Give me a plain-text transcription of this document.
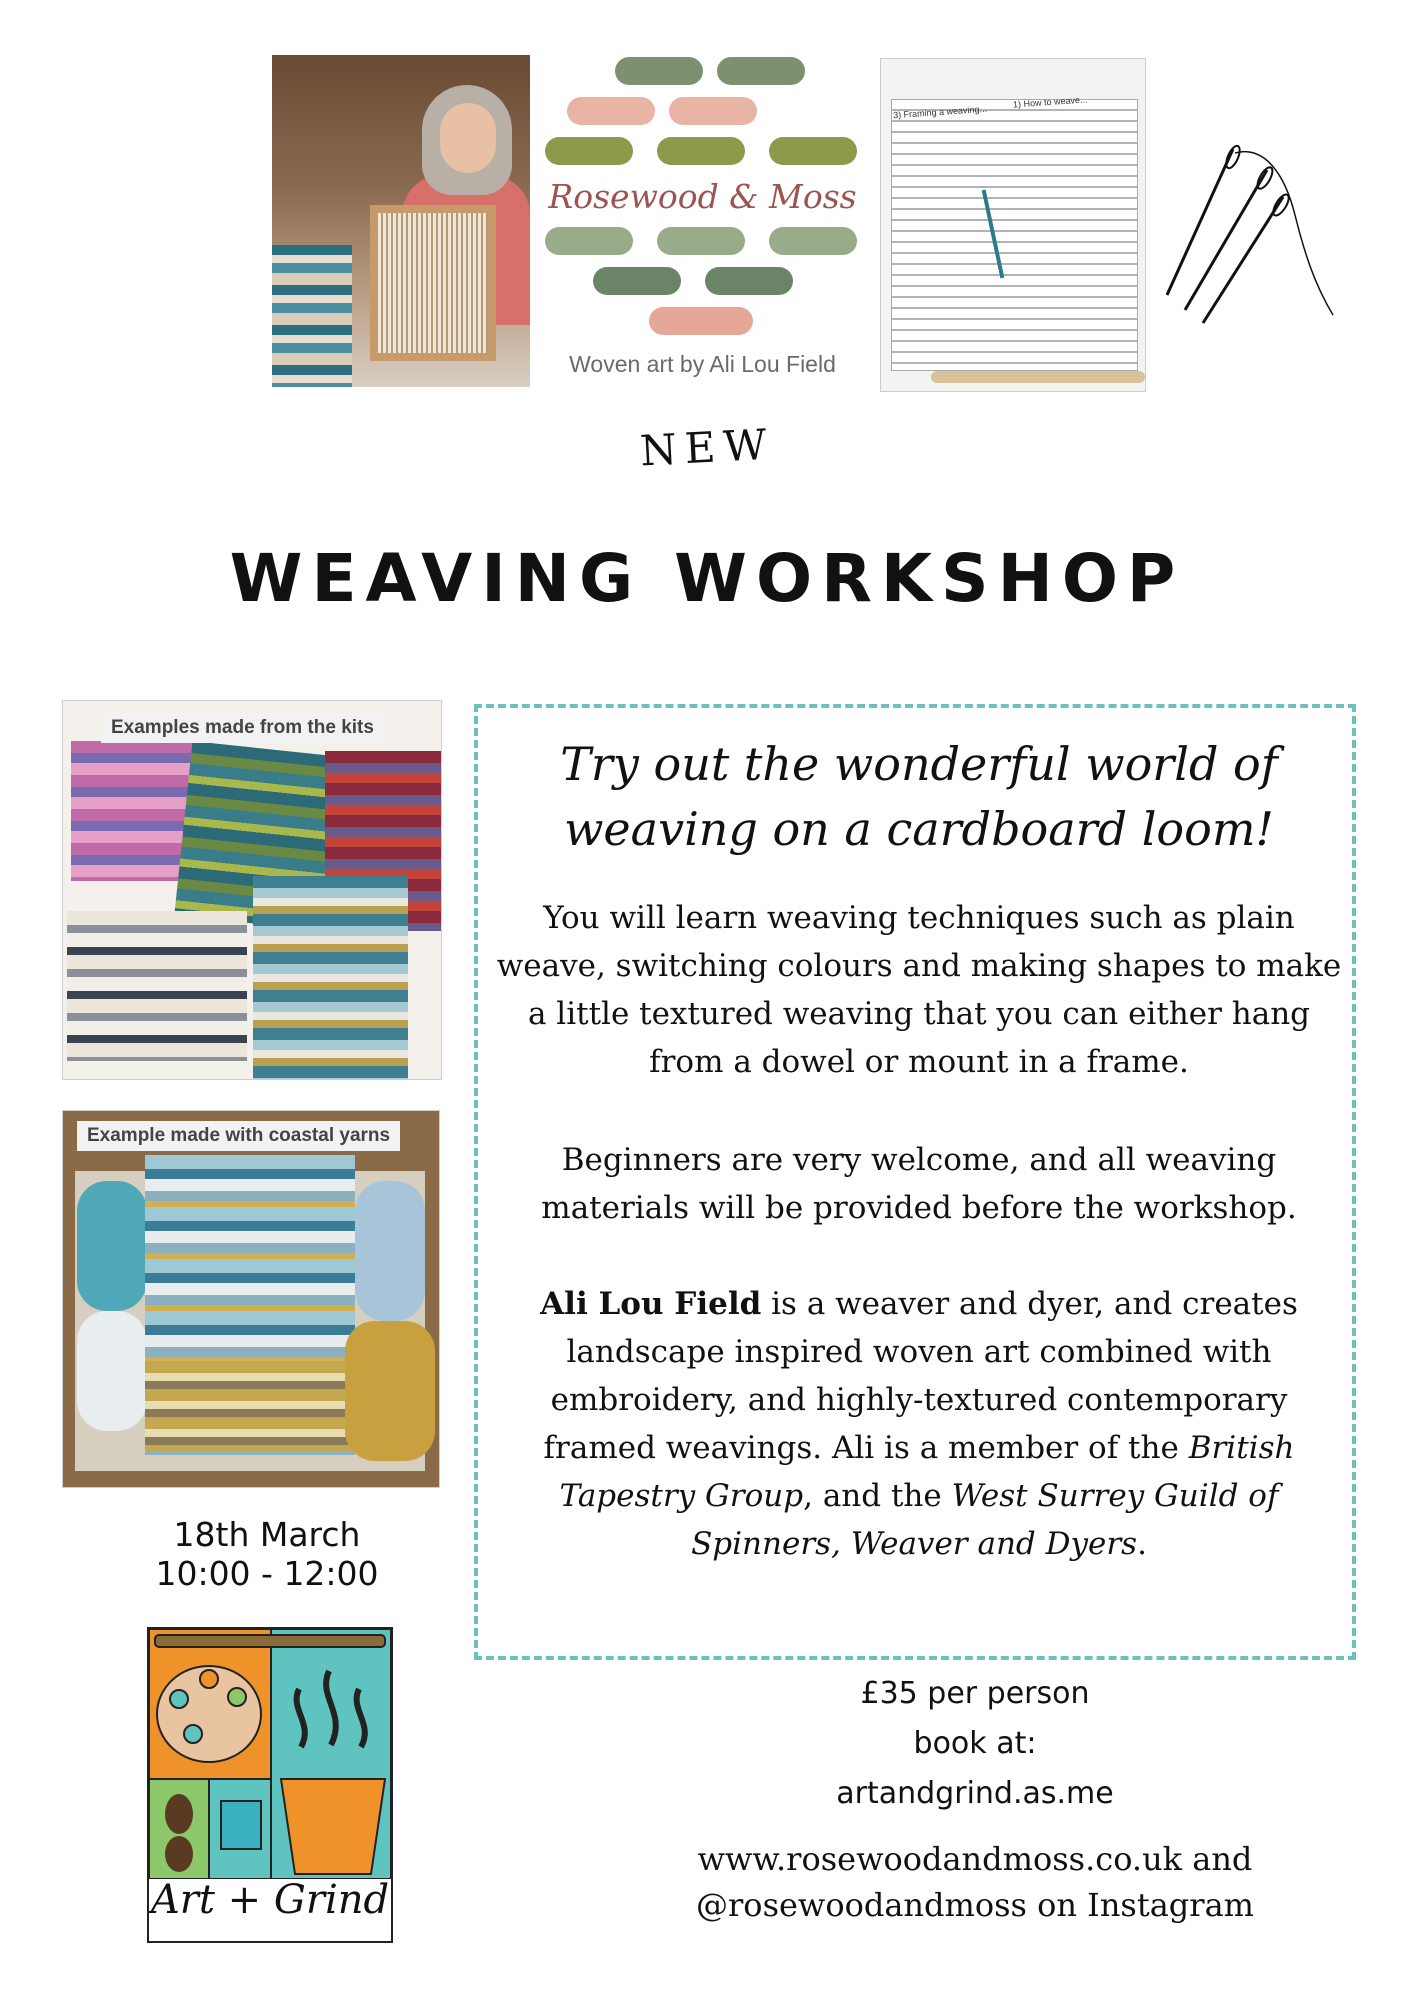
Rosewood & Moss
Woven art by Ali Lou Field
3) Framing a weaving...
1) How to weave...
NEW
WEAVING WORKSHOP
Examples made from the kits
Example made with coastal yarns
18th March
10:00 - 12:00
Art + Grind
Try out the wonderful world of weaving on a cardboard loom!
You will learn weaving techniques such as plain weave, switching colours and making shapes to make a little textured weaving that you can either hang from a dowel or mount in a frame.
Beginners are very welcome, and all weaving materials will be provided before the workshop.
Ali Lou Field is a weaver and dyer, and creates landscape inspired woven art combined with embroidery, and highly-textured contemporary framed weavings. Ali is a member of the British Tapestry Group, and the West Surrey Guild of Spinners, Weaver and Dyers.
£35 per person
book at:
artandgrind.as.me
www.rosewoodandmoss.co.uk and
@rosewoodandmoss on Instagram
